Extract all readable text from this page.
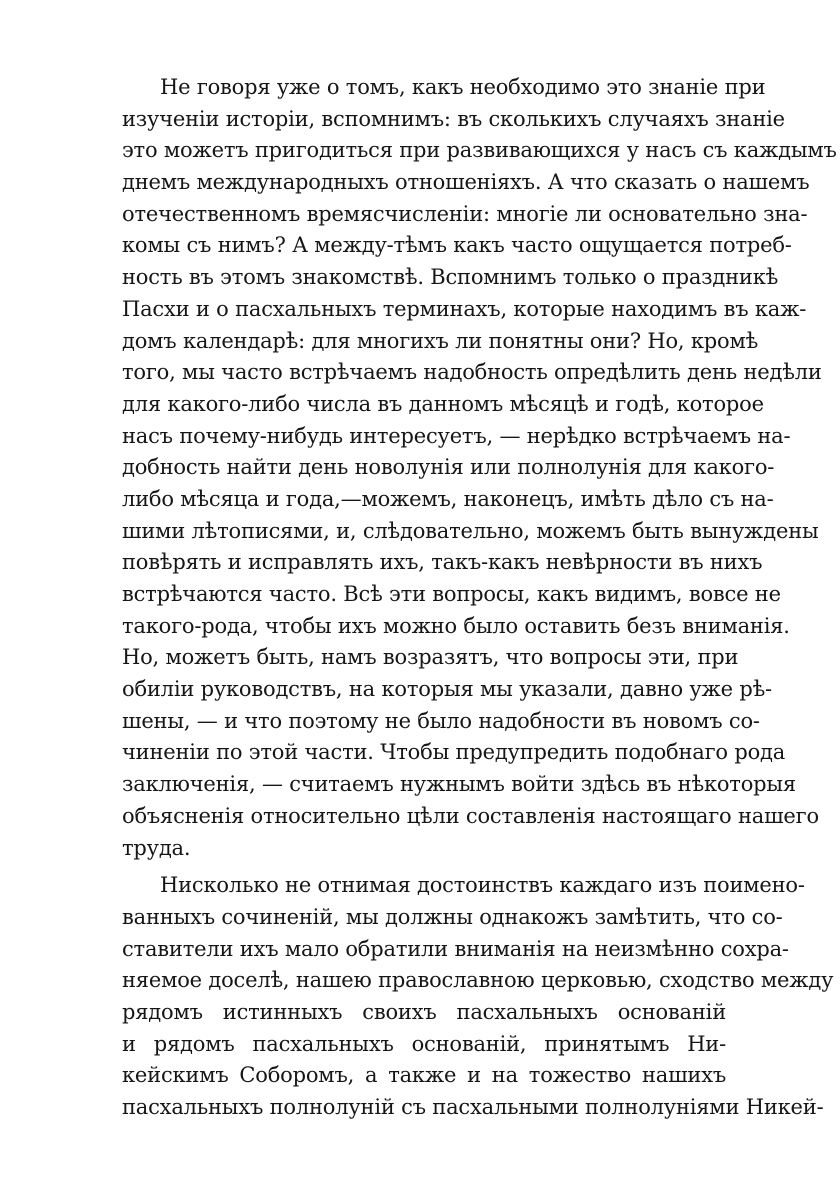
Не говоря уже о томъ, какъ необходимо это знанiе при
изученiи исторiи, вспомнимъ: въ сколькихъ случаяхъ знанiе
это можетъ пригодиться при развивающихся у насъ съ каждымъ
днемъ международныхъ отношенiяхъ. А что сказать о нашемъ
отечественномъ времясчисленiи: многiе ли основательно зна-
комы съ нимъ? А между-тѣмъ какъ часто ощущается потреб-
ность въ этомъ знакомствѣ. Вспомнимъ только о праздникѣ
Пасхи и о пасхальныхъ терминахъ, которые находимъ въ каж-
домъ календарѣ: для многихъ ли понятны они? Но, кромѣ
того, мы часто встрѣчаемъ надобность опредѣлить день недѣли
для какого-либо числа въ данномъ мѣсяцѣ и годѣ, которое
насъ почему-нибудь интересуетъ, — нерѣдко встрѣчаемъ на-
добность найти день новолунiя или полнолунiя для какого-
либо мѣсяца и года,—можемъ, наконецъ, имѣть дѣло съ на-
шими лѣтописями, и, слѣдовательно, можемъ быть вынуждены
повѣрять и исправлять ихъ, такъ-какъ невѣрности въ нихъ
встрѣчаются часто. Всѣ эти вопросы, какъ видимъ, вовсе не
такого-рода, чтобы ихъ можно было оставить безъ вниманiя.
Но, можетъ быть, намъ возразятъ, что вопросы эти, при
обилiи руководствъ, на которыя мы указали, давно уже рѣ-
шены, — и что поэтому не было надобности въ новомъ со-
чиненiи по этой части. Чтобы предупредить подобнаго рода
заключенiя, — считаемъ нужнымъ войти здѣсь въ нѣкоторыя
объясненiя относительно цѣли составленiя настоящаго нашего
труда.
Нисколько не отнимая достоинствъ каждаго изъ поимено-
ванныхъ сочиненiй, мы должны однакожъ замѣтить, что со-
ставители ихъ мало обратили вниманiя на неизмѣнно сохра-
няемое доселѣ, нашею православною церковью, сходство между
рядомъ истинныхъ своихъ пасхальныхъ основанiй
и рядомъ пасхальныхъ основанiй, принятымъ Ни-
кейскимъ Соборомъ, а также и на тожество нашихъ
пасхальныхъ полнолунiй съ пасхальными полнолунiями Никей-
